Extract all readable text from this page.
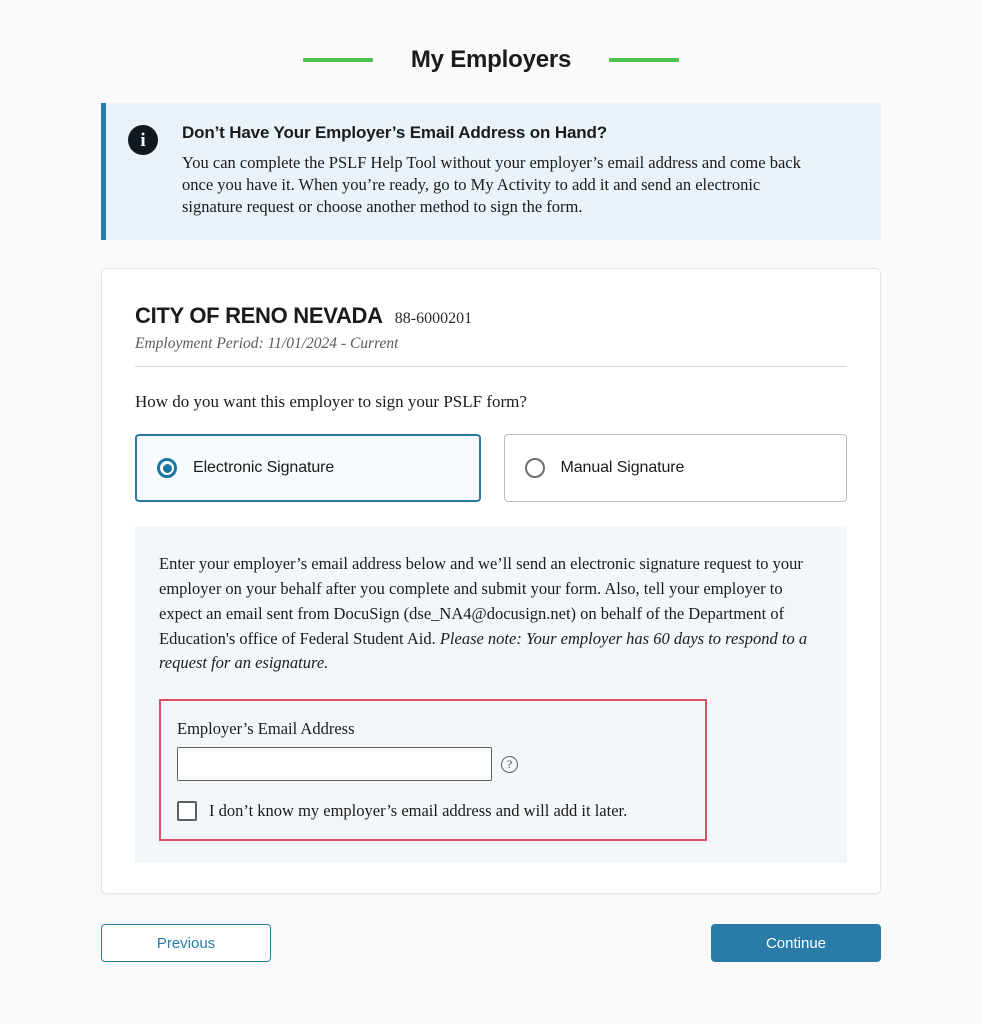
My Employers
i	Don’t Have Your Employer’s Email Address on Hand?

You can complete the PSLF Help Tool without your employer’s email address and come back once you have it. When you’re ready, go to My Activity to add it and send an electronic signature request or choose another method to sign the form.

CITY OF RENO NEVADA 88-6000201
Employment Period: 11/01/2024 - Current
How do you want this employer to sign your PSLF form?
Electronic Signature	Manual Signature

Enter your employer’s email address below and we’ll send an electronic signature request to your employer on your behalf after you complete and submit your form. Also, tell your employer to expect an email sent from DocuSign (dse_NA4@docusign.net) on behalf of the Department of Education's office of Federal Student Aid. Please note: Your employer has 60 days to respond to a request for an esignature.

Employer’s Email Address
?
I don’t know my employer’s email address and will add it later.
Previous	Continue
